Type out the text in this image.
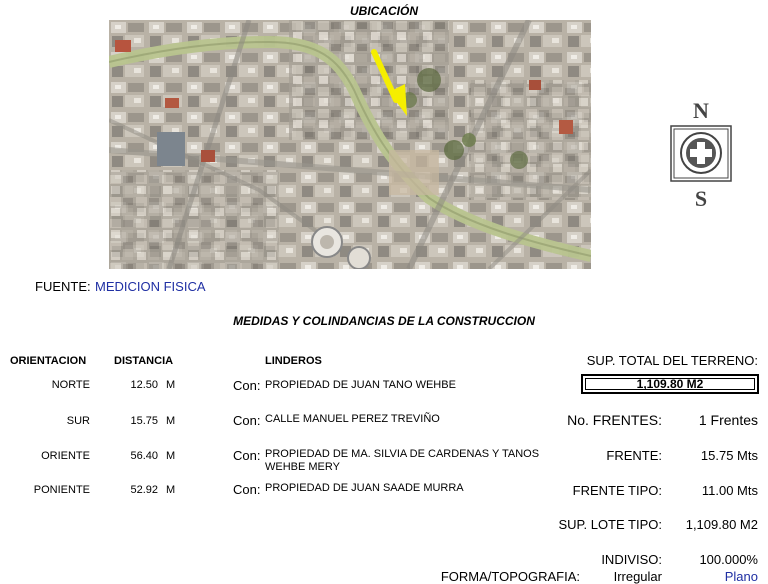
UBICACIÓN
N
S
FUENTE: MEDICION FISICA
MEDIDAS Y COLINDANCIAS DE LA CONSTRUCCION
ORIENTACION	DISTANCIA	LINDEROS
NORTE	12.50 M	Con: PROPIEDAD DE JUAN TANO WEHBE
SUR	15.75 M	Con: CALLE MANUEL PEREZ TREVIÑO
ORIENTE	56.40 M	Con: PROPIEDAD DE MA. SILVIA DE CARDENAS Y TANOS
WEHBE MERY
PONIENTE	52.92 M	Con: PROPIEDAD DE JUAN SAADE MURRA
SUP. TOTAL DEL TERRENO:
1,109.80 M2
No. FRENTES:	1 Frentes
FRENTE:	15.75 Mts
FRENTE TIPO:	11.00 Mts
SUP. LOTE TIPO: 1,109.80 M2
INDIVISO:	100.000%
FORMA/TOPOGRAFIA:	Irregular	Plano
